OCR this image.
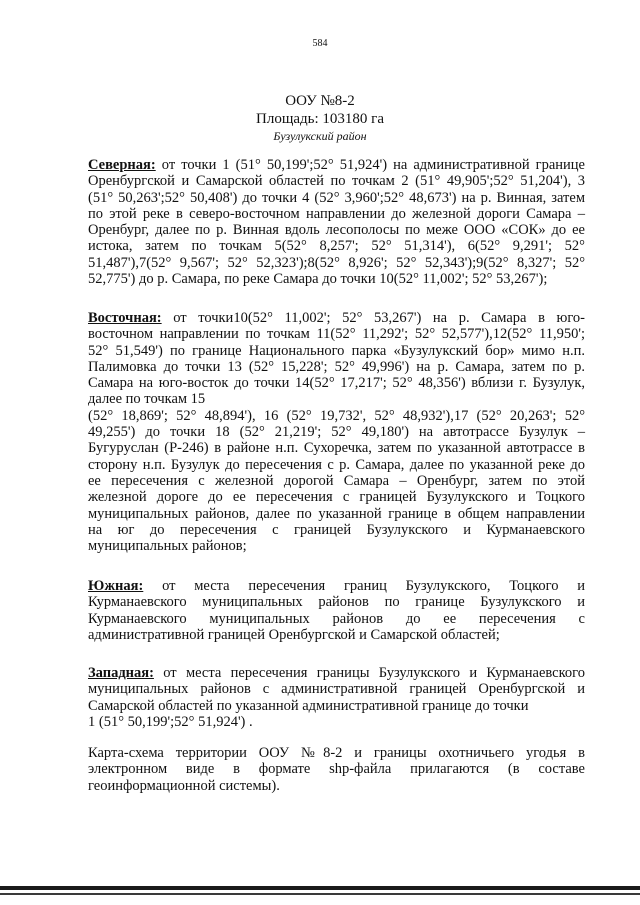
584
ООУ №8-2
Площадь: 103180 га
Бузулукский район
Северная: от точки 1 (51° 50,199';52° 51,924') на административной границе
Оренбургской и Самарской областей по точкам 2 (51° 49,905';52° 51,204'), 3
(51° 50,263';52° 50,408') до точки 4 (52° 3,960';52° 48,673') на р. Винная, затем
по этой реке в северо-восточном направлении до железной дороги Самара –
Оренбург, далее по р. Винная вдоль лесополосы по меже ООО «СОК» до ее
истока, затем по точкам 5(52° 8,257'; 52° 51,314'), 6(52° 9,291'; 52°
51,487'),7(52° 9,567'; 52° 52,323');8(52° 8,926'; 52° 52,343');9(52° 8,327'; 52°
52,775') до р. Самара, по реке Самара до точки 10(52° 11,002'; 52° 53,267');
Восточная: от точки10(52° 11,002'; 52° 53,267') на р. Самара в юго-
восточном направлении по точкам 11(52° 11,292'; 52° 52,577'),12(52° 11,950';
52° 51,549') по границе Национального парка «Бузулукский бор» мимо н.п.
Палимовка до точки 13 (52° 15,228'; 52° 49,996') на р. Самара, затем по р.
Самара на юго-восток до точки 14(52° 17,217'; 52° 48,356') вблизи г. Бузулук,
далее по точкам 15
(52° 18,869'; 52° 48,894'), 16 (52° 19,732', 52° 48,932'),17 (52° 20,263'; 52°
49,255') до точки 18 (52° 21,219'; 52° 49,180') на автотрассе Бузулук –
Бугуруслан (Р-246) в районе н.п. Сухоречка, затем по указанной автотрассе в
сторону н.п. Бузулук до пересечения с р. Самара, далее по указанной реке до
ее пересечения с железной дорогой Самара – Оренбург, затем по этой
железной дороге до ее пересечения с границей Бузулукского и Тоцкого
муниципальных районов, далее по указанной границе в общем направлении
на юг до пересечения с границей Бузулукского и Курманаевского
муниципальных районов;
Южная: от места пересечения границ Бузулукского, Тоцкого и
Курманаевского муниципальных районов по границе Бузулукского и
Курманаевского муниципальных районов до ее пересечения с
административной границей Оренбургской и Самарской областей;
Западная: от места пересечения границы Бузулукского и Курманаевского
муниципальных районов с административной границей Оренбургской и
Самарской областей по указанной административной границе до точки
1 (51° 50,199';52° 51,924') .
Карта-схема территории ООУ №8-2 и границы охотничьего угодья в
электронном виде в формате shp-файла прилагаются (в составе
геоинформационной системы).
